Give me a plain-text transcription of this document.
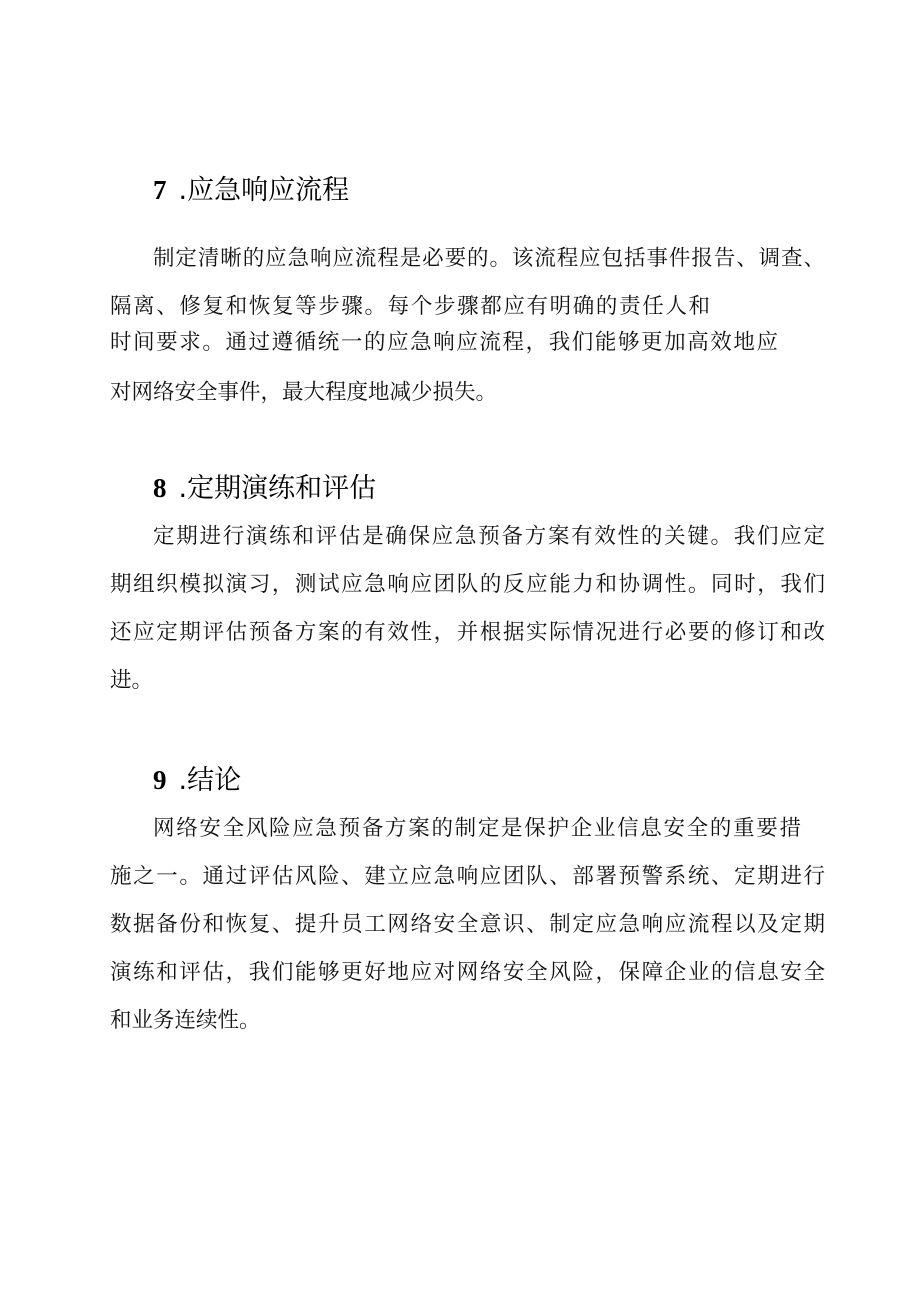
7 .应急响应流程
制定清晰的应急响应流程是必要的。该流程应包括事件报告、调查、
隔离、修复和恢复等步骤。每个步骤都应有明确的责任人和
时间要求。通过遵循统一的应急响应流程，我们能够更加高效地应
对网络安全事件，最大程度地减少损失。
8 .定期演练和评估
定期进行演练和评估是确保应急预备方案有效性的关键。我们应定
期组织模拟演习，测试应急响应团队的反应能力和协调性。同时，我们
还应定期评估预备方案的有效性，并根据实际情况进行必要的修订和改
进。
9 .结论
网络安全风险应急预备方案的制定是保护企业信息安全的重要措
施之一。通过评估风险、建立应急响应团队、部署预警系统、定期进行
数据备份和恢复、提升员工网络安全意识、制定应急响应流程以及定期
演练和评估，我们能够更好地应对网络安全风险，保障企业的信息安全
和业务连续性。
